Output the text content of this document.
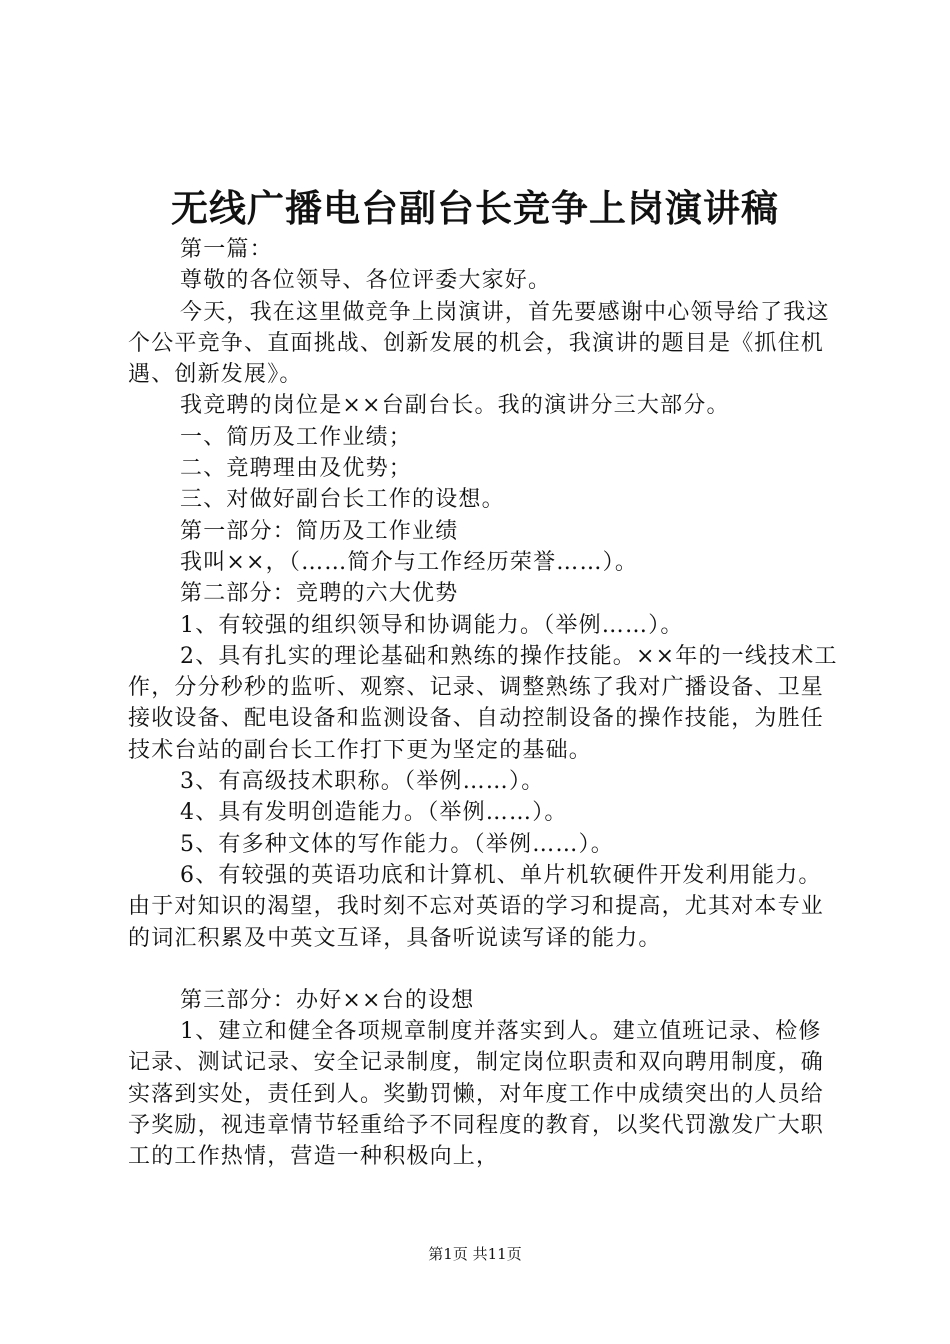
无线广播电台副台长竞争上岗演讲稿

第一篇：

尊敬的各位领导、各位评委大家好。

今天，我在这里做竞争上岗演讲，首先要感谢中心领导给了我这个公平竞争、直面挑战、创新发展的机会，我演讲的题目是《抓住机遇、创新发展》。

我竞聘的岗位是××台副台长。我的演讲分三大部分。

一、简历及工作业绩；

二、竞聘理由及优势；

三、对做好副台长工作的设想。

第一部分：简历及工作业绩

我叫××，（……简介与工作经历荣誉……）。

第二部分：竞聘的六大优势

1、有较强的组织领导和协调能力。（举例……）。

2、具有扎实的理论基础和熟练的操作技能。××年的一线技术工作，分分秒秒的监听、观察、记录、调整熟练了我对广播设备、卫星接收设备、配电设备和监测设备、自动控制设备的操作技能，为胜任技术台站的副台长工作打下更为坚定的基础。

3、有高级技术职称。（举例……）。

4、具有发明创造能力。（举例……）。

5、有多种文体的写作能力。（举例……）。

6、有较强的英语功底和计算机、单片机软硬件开发利用能力。由于对知识的渴望，我时刻不忘对英语的学习和提高，尤其对本专业的词汇积累及中英文互译，具备听说读写译的能力。

第三部分：办好××台的设想

1、建立和健全各项规章制度并落实到人。建立值班记录、检修记录、测试记录、安全记录制度，制定岗位职责和双向聘用制度，确实落到实处，责任到人。奖勤罚懒，对年度工作中成绩突出的人员给予奖励，视违章情节轻重给予不同程度的教育，以奖代罚激发广大职工的工作热情，营造一种积极向上，

第1页 共11页
